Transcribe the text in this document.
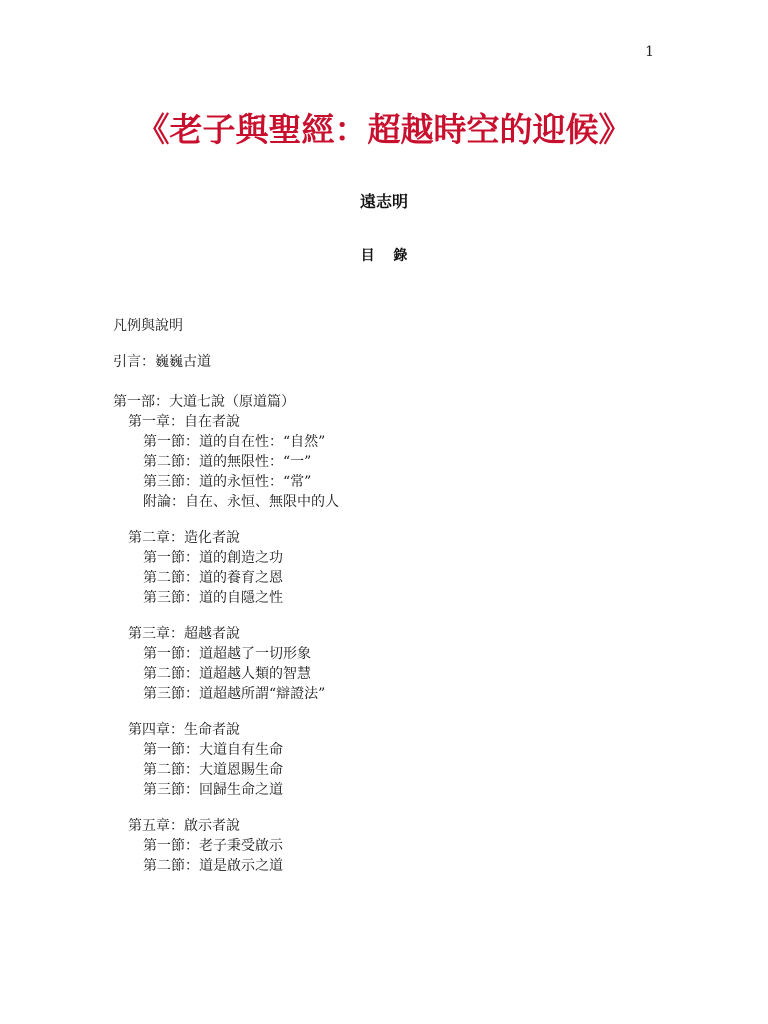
1
《老子與聖經：超越時空的迎候》
遠志明
目 錄
凡例與說明
引言：巍巍古道
第一部：大道七說（原道篇）
第一章：自在者說
第一節：道的自在性：“自然”
第二節：道的無限性：“一”
第三節：道的永恒性：“常”
附論：自在、永恒、無限中的人
第二章：造化者說
第一節：道的創造之功
第二節：道的養育之恩
第三節：道的自隱之性
第三章：超越者說
第一節：道超越了一切形象
第二節：道超越人類的智慧
第三節：道超越所謂“辯證法”
第四章：生命者說
第一節：大道自有生命
第二節：大道恩賜生命
第三節：回歸生命之道
第五章：啟示者說
第一節：老子秉受啟示
第二節：道是啟示之道
